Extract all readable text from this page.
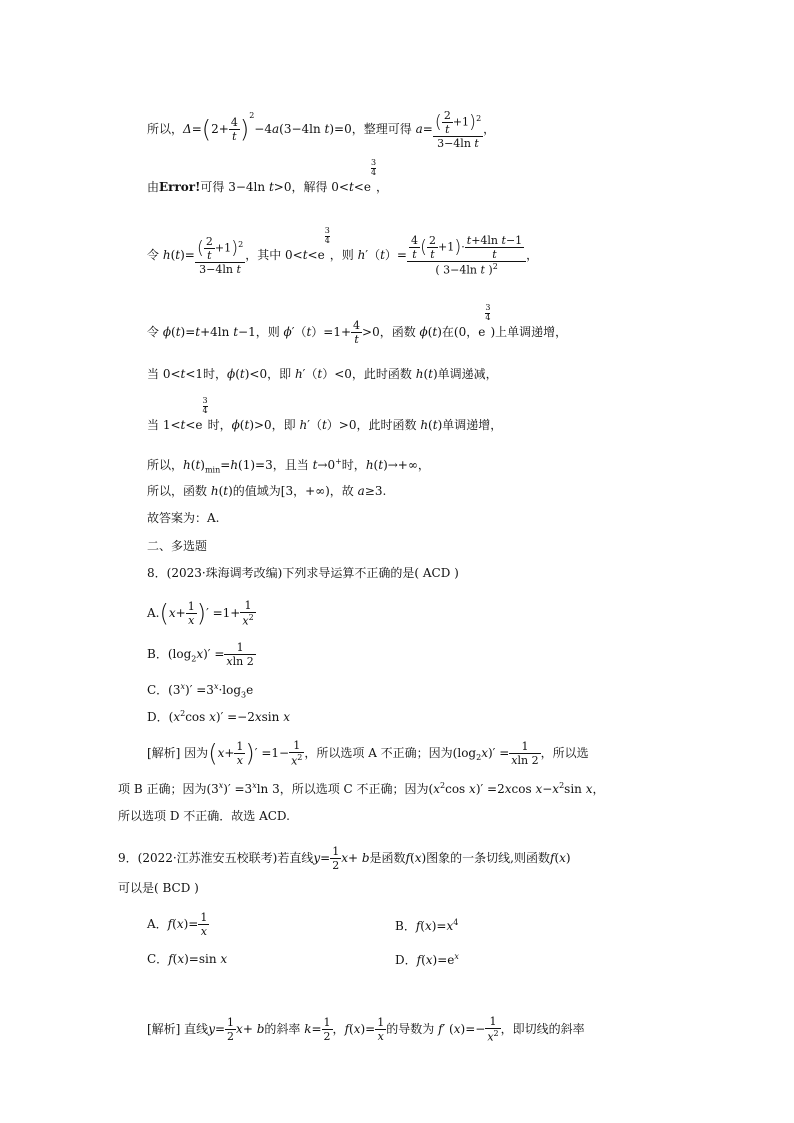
所以，$\Delta=(2+ \frac{4}{t} )^2-4a(3-4\ln$ t)=0，整理可得 $a= \frac{( \frac{2}{t} +1)^2}{\text{3−4ln t}}$ ，
由Error!可得 3−4ln t>0，解得 0<t<e
$\frac{3}{4}$
，
令 $h(t)= \frac{( \frac{2}{t} +1)^2}{\text{3−4ln t}}$ ，其中 0<t<e
$\frac{3}{4}$
，则 $h'(t)= \frac{\frac{4}{t} ( \frac{2}{t} +1)\cdot \frac{\text{t+4ln t−1}}{t}}{( 3-4\ln t )^2}$ ，
令 ϕ(t)=t+4ln t−1，则 $\phi'(t)=1+ \frac{4}{t} >0$，函数 ϕ(t)在(0，e
$\frac{3}{4}$
)上单调递增，
当 0<t<1时，ϕ(t)<0，即 h′（t）<0，此时函数 h(t)单调递减，
当 1<t<e
$\frac{3}{4}$
时，ϕ(t)>0，即 h′（t）>0，此时函数 h(t)单调递增，
所以，$h(t)_{min}=h(1)=3$，且当 t→0+时，h(t)→+∞，
所以，函数 h(t)的值域为[3，+∞)，故 a≥3.
故答案为：A.
二、多选题
8．(2023·珠海调考改编)下列求导运算不正确的是( ACD )
$A.(x+ \frac{1}{x}$ )′ $=1+ \frac{1}{x^2}$
B．$(\log_2x)' = \frac{1}{xln 2}$
C．$(3^x)' =3^x\cdot\log_3e$
D．($x^2\cos$ x)′ =−2xsin x
[解析] 因为($x+ \frac{1}{x}$ )′ $=1- \frac{1}{x^2}$ ，所以选项 A 不正确；因为$(\log_2x)' = \frac{1}{xln 2}$ ，所以选
项 B 正确；因为$(3^x)' =3^x\ln$ 3，所以选项 C 不正确；因为($x^2\cos$ x)′ =2xcos $x-x^2\sin$ x，
所以选项 D 不正确．故选 ACD.
9．(2022·江苏淮安五校联考)若直线$y= \frac{1}{2} x+ b$是函数f(x)图象的一条切线,则函数f(x)
可以是( BCD )
A．$f(x)= \frac{1}{x}$	B．$f(x)=x^4$
C．f(x)=sin x	D．$f(x)=e^x$
[解析] 直线$y= \frac{1}{2} x+ b$的斜率 $k= \frac{1}{2}$ ，$f(x)= \frac{1}{x}$ 的导数为 f′ $(x)=- \frac{1}{x^2}$ ，即切线的斜率
